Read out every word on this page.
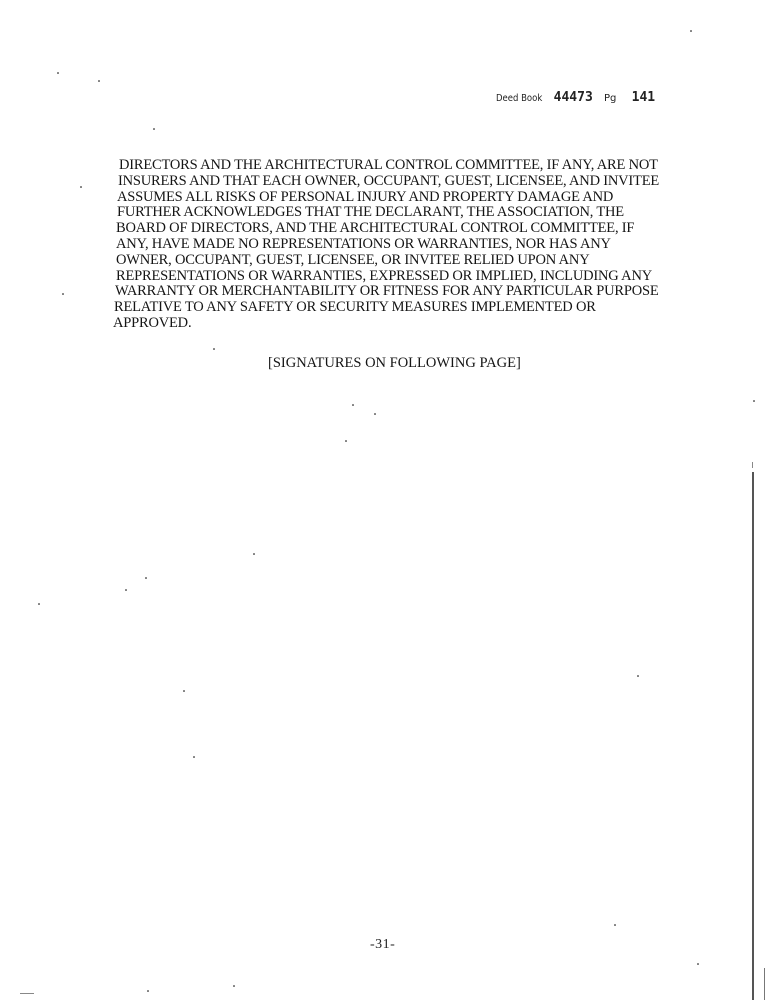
Deed Book 44473 Pg 141
DIRECTORS AND THE ARCHITECTURAL CONTROL COMMITTEE, IF ANY, ARE NOT
INSURERS AND THAT EACH OWNER, OCCUPANT, GUEST, LICENSEE, AND INVITEE
ASSUMES ALL RISKS OF PERSONAL INJURY AND PROPERTY DAMAGE AND
FURTHER ACKNOWLEDGES THAT THE DECLARANT, THE ASSOCIATION, THE
BOARD OF DIRECTORS, AND THE ARCHITECTURAL CONTROL COMMITTEE, IF
ANY, HAVE MADE NO REPRESENTATIONS OR WARRANTIES, NOR HAS ANY
OWNER, OCCUPANT, GUEST, LICENSEE, OR INVITEE RELIED UPON ANY
REPRESENTATIONS OR WARRANTIES, EXPRESSED OR IMPLIED, INCLUDING ANY
WARRANTY OR MERCHANTABILITY OR FITNESS FOR ANY PARTICULAR PURPOSE
RELATIVE TO ANY SAFETY OR SECURITY MEASURES IMPLEMENTED OR
APPROVED.
[SIGNATURES ON FOLLOWING PAGE]
-31-
